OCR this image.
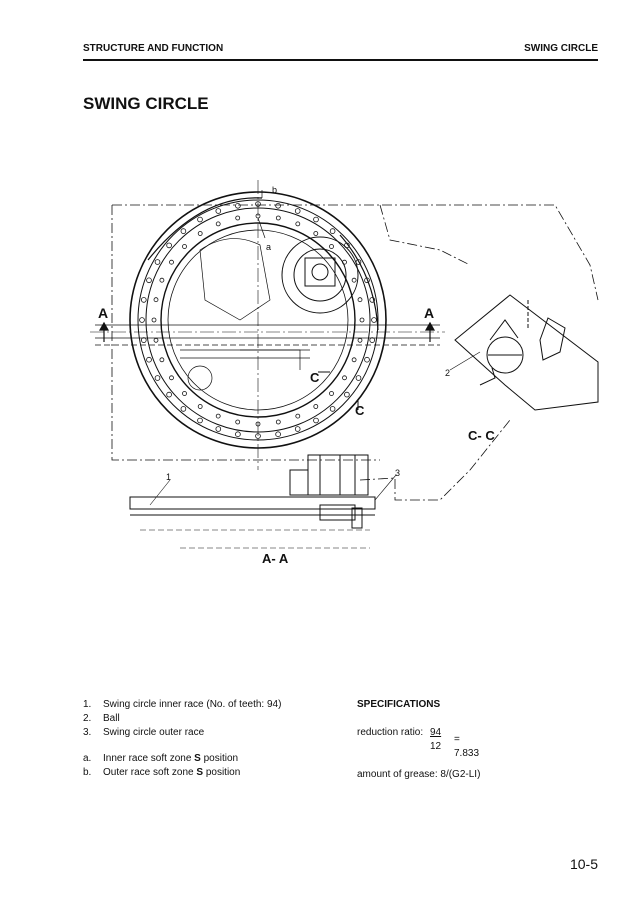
STRUCTURE AND FUNCTION	SWING CIRCLE
SWING CIRCLE
A	A
C
C
b
a
2
C- C
1	3
A- A
1.	Swing circle inner race (No. of teeth: 94)
2.	Ball
3.	Swing circle outer race
a.	Inner race soft zone S position
b.	Outer race soft zone S position
SPECIFICATIONS
reduction ratio: 94
12
= 7.833
amount of grease: 8/(G2-LI)
10-5
